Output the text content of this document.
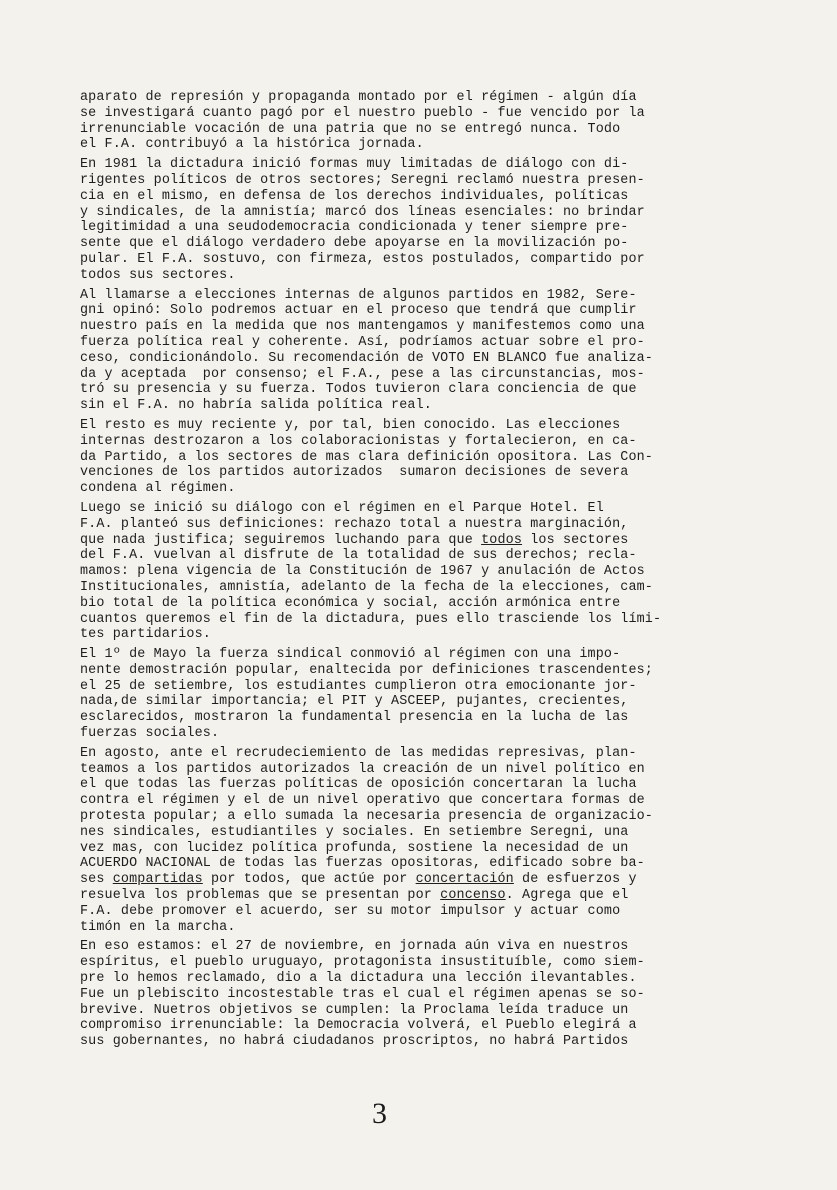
aparato de represión y propaganda montado por el régimen - algún día
se investigará cuanto pagó por el nuestro pueblo - fue vencido por la
irrenunciable vocación de una patria que no se entregó nunca. Todo
el F.A. contribuyó a la histórica jornada.
En 1981 la dictadura inició formas muy limitadas de diálogo con di-
rigentes políticos de otros sectores; Seregni reclamó nuestra presen-
cia en el mismo, en defensa de los derechos individuales, políticas
y sindicales, de la amnistía; marcó dos líneas esenciales: no brindar
legitimidad a una seudodemocracia condicionada y tener siempre pre-
sente que el diálogo verdadero debe apoyarse en la movilización po-
pular. El F.A. sostuvo, con firmeza, estos postulados, compartido por
todos sus sectores.
Al llamarse a elecciones internas de algunos partidos en 1982, Sere-
gni opinó: Solo podremos actuar en el proceso que tendrá que cumplir
nuestro país en la medida que nos mantengamos y manifestemos como una
fuerza política real y coherente. Así, podríamos actuar sobre el pro-
ceso, condicionándolo. Su recomendación de VOTO EN BLANCO fue analiza-
da y aceptada  por consenso; el F.A., pese a las circunstancias, mos-
tró su presencia y su fuerza. Todos tuvieron clara conciencia de que
sin el F.A. no habría salida política real.
El resto es muy reciente y, por tal, bien conocido. Las elecciones
internas destrozaron a los colaboracionistas y fortalecieron, en ca-
da Partido, a los sectores de mas clara definición opositora. Las Con-
venciones de los partidos autorizados  sumaron decisiones de severa
condena al régimen.
Luego se inició su diálogo con el régimen en el Parque Hotel. El
F.A. planteó sus definiciones: rechazo total a nuestra marginación,
que nada justifica; seguiremos luchando para que todos los sectores
del F.A. vuelvan al disfrute de la totalidad de sus derechos; recla-
mamos: plena vigencia de la Constitución de 1967 y anulación de Actos
Institucionales, amnistía, adelanto de la fecha de la elecciones, cam-
bio total de la política económica y social, acción armónica entre
cuantos queremos el fin de la dictadura, pues ello trasciende los lími-
tes partidarios.
El 1º de Mayo la fuerza sindical conmovió al régimen con una impo-
nente demostración popular, enaltecida por definiciones trascendentes;
el 25 de setiembre, los estudiantes cumplieron otra emocionante jor-
nada,de similar importancia; el PIT y ASCEEP, pujantes, crecientes,
esclarecidos, mostraron la fundamental presencia en la lucha de las
fuerzas sociales.
En agosto, ante el recrudeciemiento de las medidas represivas, plan-
teamos a los partidos autorizados la creación de un nivel político en
el que todas las fuerzas políticas de oposición concertaran la lucha
contra el régimen y el de un nivel operativo que concertara formas de
protesta popular; a ello sumada la necesaria presencia de organizacio-
nes sindicales, estudiantiles y sociales. En setiembre Seregni, una
vez mas, con lucidez política profunda, sostiene la necesidad de un
ACUERDO NACIONAL de todas las fuerzas opositoras, edificado sobre ba-
ses compartidas por todos, que actúe por concertación de esfuerzos y
resuelva los problemas que se presentan por concenso. Agrega que el
F.A. debe promover el acuerdo, ser su motor impulsor y actuar como
timón en la marcha.
En eso estamos: el 27 de noviembre, en jornada aún viva en nuestros
espíritus, el pueblo uruguayo, protagonista insustituíble, como siem-
pre lo hemos reclamado, dio a la dictadura una lección ilevantables.
Fue un plebiscito incostestable tras el cual el régimen apenas se so-
brevive. Nuetros objetivos se cumplen: la Proclama leída traduce un
compromiso irrenunciable: la Democracia volverá, el Pueblo elegirá a
sus gobernantes, no habrá ciudadanos proscriptos, no habrá Partidos
3
